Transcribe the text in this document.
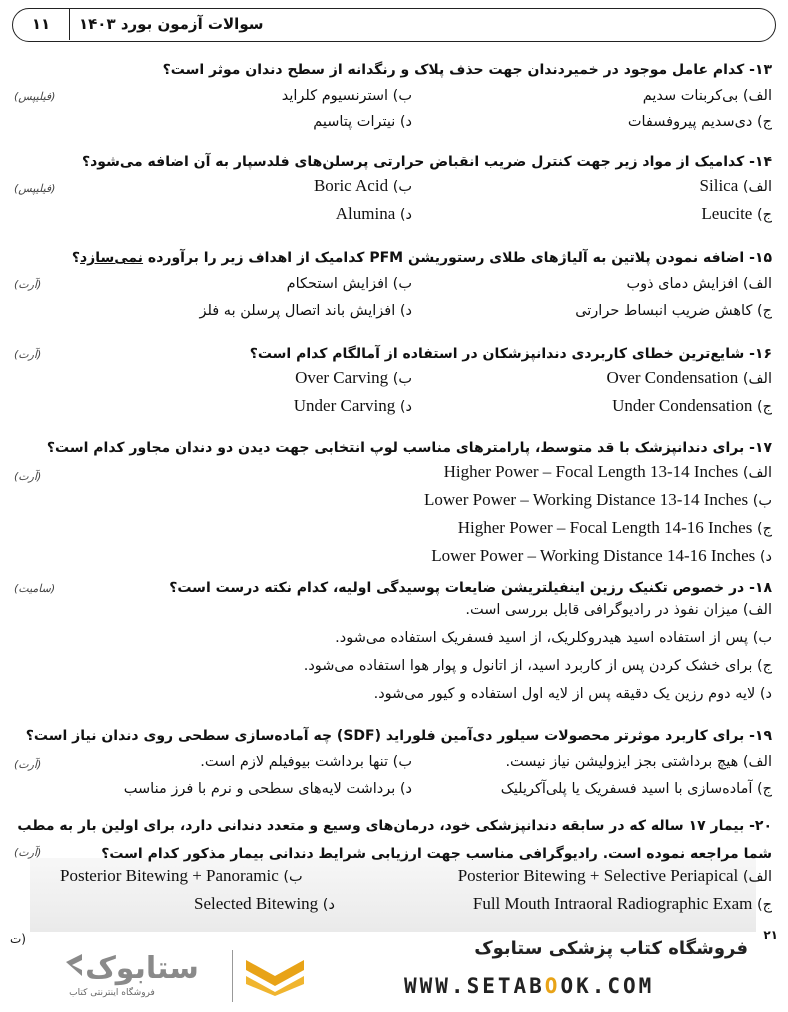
۱۱	سوالات آزمون بورد ۱۴۰۳
۱۳- کدام عامل موجود در خمیردندان جهت حذف پلاک و رنگدانه از سطح دندان موثر است؟
(فیلیپس)	الف) بی‌کربنات سدیم
ب) استرنسیوم کلراید
ج) دی‌سدیم پیروفسفات
د) نیترات پتاسیم
۱۴- کدامیک از مواد زیر جهت کنترل ضریب انقباض حرارتی پرسلن‌های فلدسپار به آن اضافه می‌شود؟
(فیلیپس)	الف) Silica
ب) Boric Acid
ج) Leucite
د) Alumina
۱۵- اضافه نمودن پلاتین به آلیاژهای طلای رستوریشن PFM کدامیک از اهداف زیر را برآورده نمی‌سازد؟
(آرت)	الف) افزایش دمای ذوب
ب) افزایش استحکام
ج) کاهش ضریب انبساط حرارتی
د) افزایش باند اتصال پرسلن به فلز
۱۶- شایع‌ترین خطای کاربردی دندانپزشکان در استفاده از آمالگام کدام است؟
(آرت)
الف) Over Condensation
ب) Over Carving
ج) Under Condensation
د) Under Carving
۱۷- برای دندانپزشک با قد متوسط، پارامترهای مناسب لوپ انتخابی جهت دیدن دو دندان مجاور کدام است؟
(آرت)	الف) Higher Power – Focal Length 13-14 Inches
ب) Lower Power – Working Distance 13-14 Inches
ج) Higher Power – Focal Length 14-16 Inches
د) Lower Power – Working Distance 14-16 Inches
۱۸- در خصوص تکنیک رزین اینفیلتریشن ضایعات پوسیدگی اولیه، کدام نکته درست است؟
(سامیت)
الف) میزان نفوذ در رادیوگرافی قابل بررسی است.
ب) پس از استفاده اسید هیدروکلریک، از اسید فسفریک استفاده می‌شود.
ج) برای خشک کردن پس از کاربرد اسید، از اتانول و پوار هوا استفاده می‌شود.
د) لایه دوم رزین یک دقیقه پس از لایه اول استفاده و کیور می‌شود.
۱۹- برای کاربرد موثرتر محصولات سیلور دی‌آمین فلوراید (SDF) چه آماده‌سازی سطحی روی دندان نیاز است؟
(آرت)	الف) هیچ برداشتی بجز ایزولیشن نیاز نیست.
ب) تنها برداشت بیوفیلم لازم است.
ج) آماده‌سازی با اسید فسفریک یا پلی‌آکریلیک
د) برداشت لایه‌های سطحی و نرم با فرز مناسب
۲۰- بیمار ۱۷ ساله که در سابقه دندانپزشکی خود، درمان‌های وسیع و متعدد دندانی دارد، برای اولین بار به مطب
شما مراجعه نموده است. رادیوگرافی مناسب جهت ارزیابی شرایط دندانی بیمار مذکور کدام است؟
(آرت)
الف) Posterior Bitewing + Selective Periapical
ب) Posterior Bitewing + Panoramic
ج) Full Mouth Intraoral Radiographic Exam
د) Selected Bitewing
ت)	۲۱
فروشگاه کتاب پزشکی ستابوک
WWW.SETABOOK.COM
ستابوک
فروشگاه اینترنتی کتاب
